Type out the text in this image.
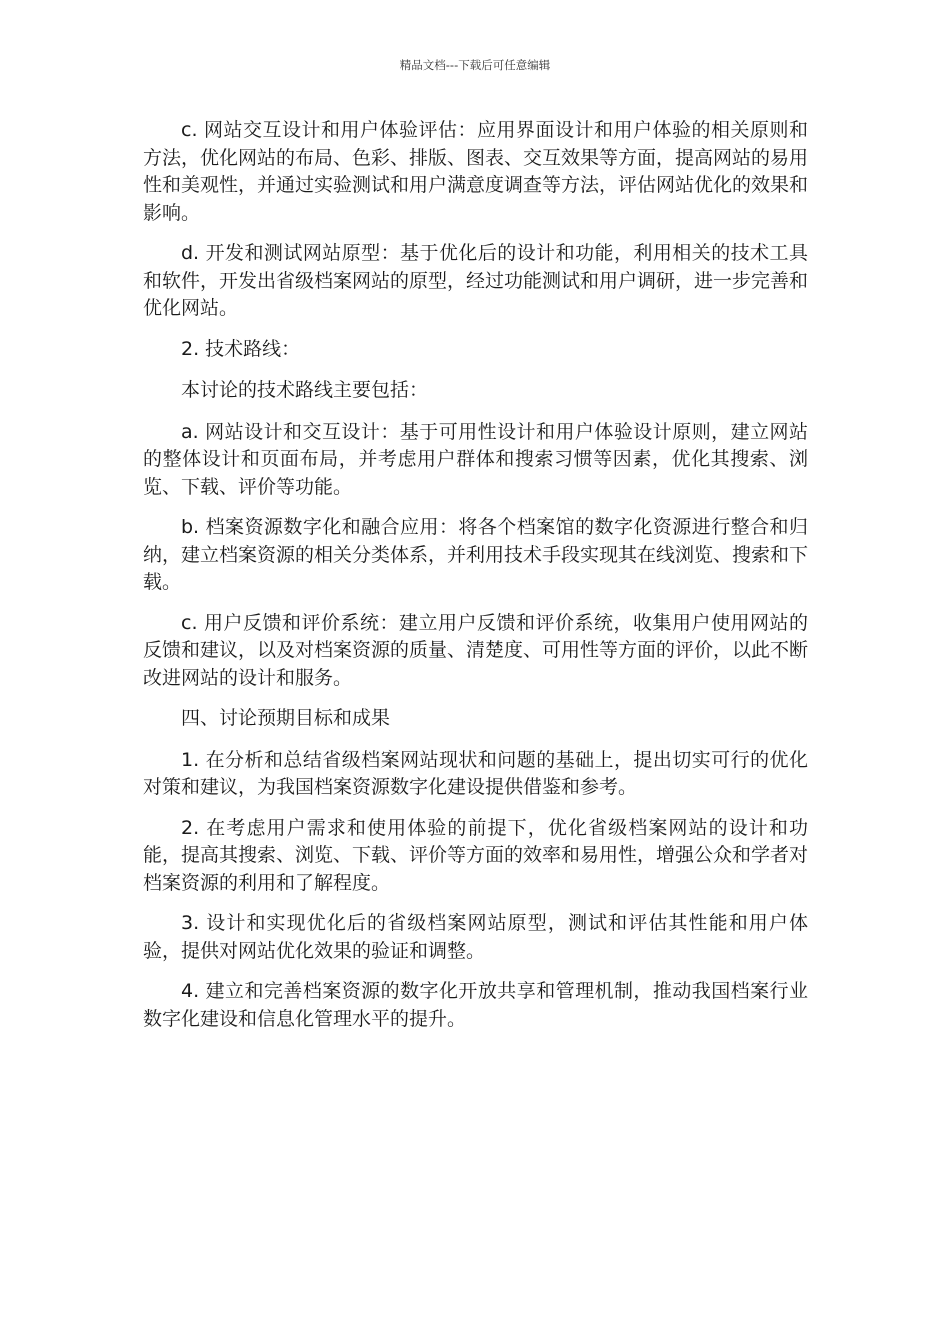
精品文档---下载后可任意编辑

c. 网站交互设计和用户体验评估：应用界面设计和用户体验的相关原则和方法，优化网站的布局、色彩、排版、图表、交互效果等方面，提高网站的易用性和美观性，并通过实验测试和用户满意度调查等方法，评估网站优化的效果和影响。

d. 开发和测试网站原型：基于优化后的设计和功能，利用相关的技术工具和软件，开发出省级档案网站的原型，经过功能测试和用户调研，进一步完善和优化网站。

2. 技术路线：

本讨论的技术路线主要包括：

a. 网站设计和交互设计：基于可用性设计和用户体验设计原则，建立网站的整体设计和页面布局，并考虑用户群体和搜索习惯等因素，优化其搜索、浏览、下载、评价等功能。

b. 档案资源数字化和融合应用：将各个档案馆的数字化资源进行整合和归纳，建立档案资源的相关分类体系，并利用技术手段实现其在线浏览、搜索和下载。

c. 用户反馈和评价系统：建立用户反馈和评价系统，收集用户使用网站的反馈和建议，以及对档案资源的质量、清楚度、可用性等方面的评价，以此不断改进网站的设计和服务。

四、讨论预期目标和成果

1. 在分析和总结省级档案网站现状和问题的基础上，提出切实可行的优化对策和建议，为我国档案资源数字化建设提供借鉴和参考。

2. 在考虑用户需求和使用体验的前提下，优化省级档案网站的设计和功能，提高其搜索、浏览、下载、评价等方面的效率和易用性，增强公众和学者对档案资源的利用和了解程度。

3. 设计和实现优化后的省级档案网站原型，测试和评估其性能和用户体验，提供对网站优化效果的验证和调整。

4. 建立和完善档案资源的数字化开放共享和管理机制，推动我国档案行业数字化建设和信息化管理水平的提升。
